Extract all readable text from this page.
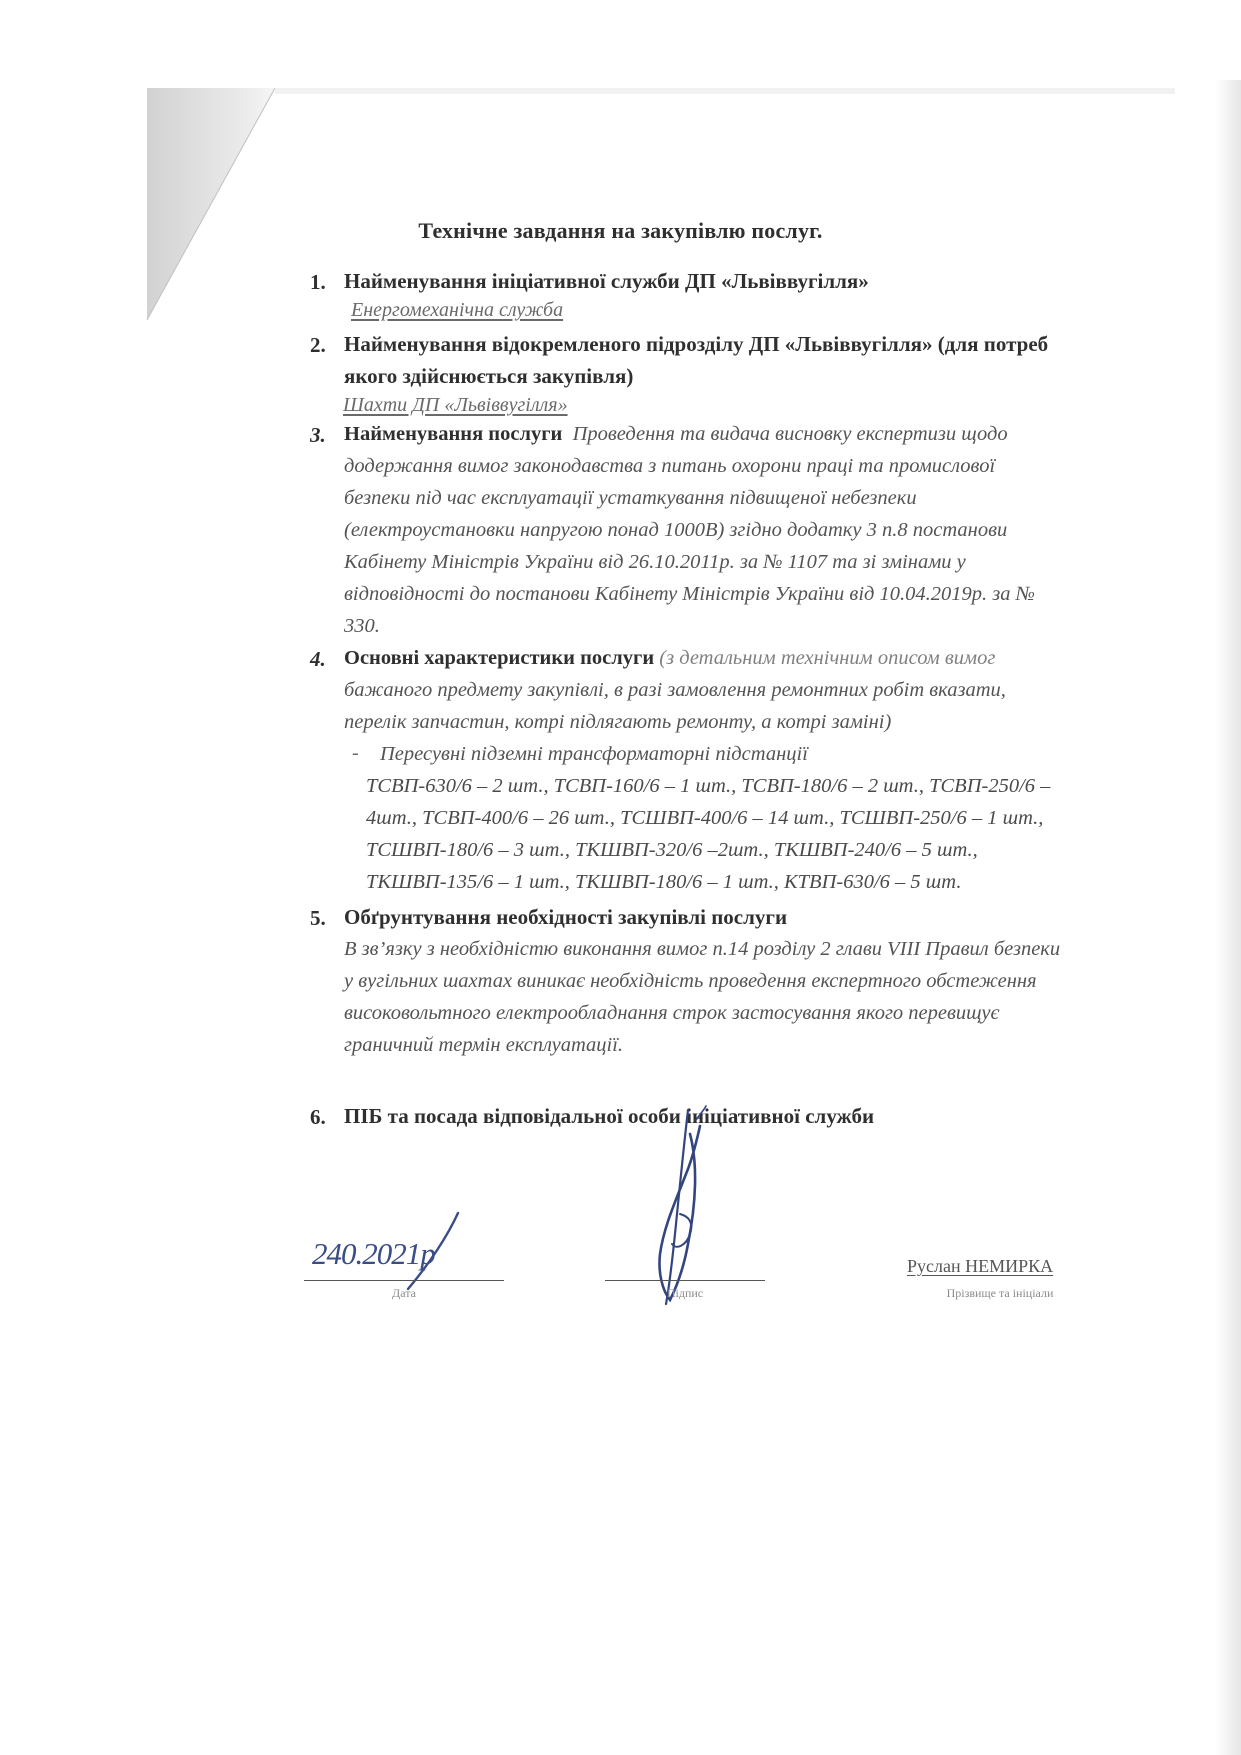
Технічне завдання на закупівлю послуг.
1. Найменування ініціативної служби ДП «Львіввугілля»
Енергомеханічна служба
2. Найменування відокремленого підрозділу ДП «Львіввугілля» (для потреб
якого здійснюється закупівля)
Шахти ДП «Львіввугілля»
3. Найменування послуги Проведення та видача висновку експертизи щодо
додержання вимог законодавства з питань охорони праці та промислової
безпеки під час експлуатації устаткування підвищеної небезпеки
(електроустановки напругою понад 1000В) згідно додатку 3 п.8 постанови
Кабінету Міністрів України від 26.10.2011р. за № 1107 та зі змінами у
відповідності до постанови Кабінету Міністрів України від 10.04.2019р. за №
330.
4. Основні характеристики послуги (з детальним технічним описом вимог
бажаного предмету закупівлі, в разі замовлення ремонтних робіт вказати,
перелік запчастин, котрі підлягають ремонту, а котрі заміні)
- Пересувні підземні трансформаторні підстанції
ТСВП-630/6 – 2 шт., ТСВП-160/6 – 1 шт., ТСВП-180/6 – 2 шт., ТСВП-250/6 –
4шт., ТСВП-400/6 – 26 шт., ТСШВП-400/6 – 14 шт., ТСШВП-250/6 – 1 шт.,
ТСШВП-180/6 – 3 шт., ТКШВП-320/6 –2шт., ТКШВП-240/6 – 5 шт.,
ТКШВП-135/6 – 1 шт., ТКШВП-180/6 – 1 шт., КТВП-630/6 – 5 шт.
5. Обґрунтування необхідності закупівлі послуги
В зв’язку з необхідністю виконання вимог п.14 розділу 2 глави VIII Правил безпеки
у вугільних шахтах виникає необхідність проведення експертного обстеження
високовольтного електрообладнання строк застосування якого перевищує
граничний термін експлуатації.
6. ПІБ та посада відповідальної особи ініціативної служби
240.2021р
Дата	Підпис
Руслан НЕМИРКА
Прізвище та ініціали
